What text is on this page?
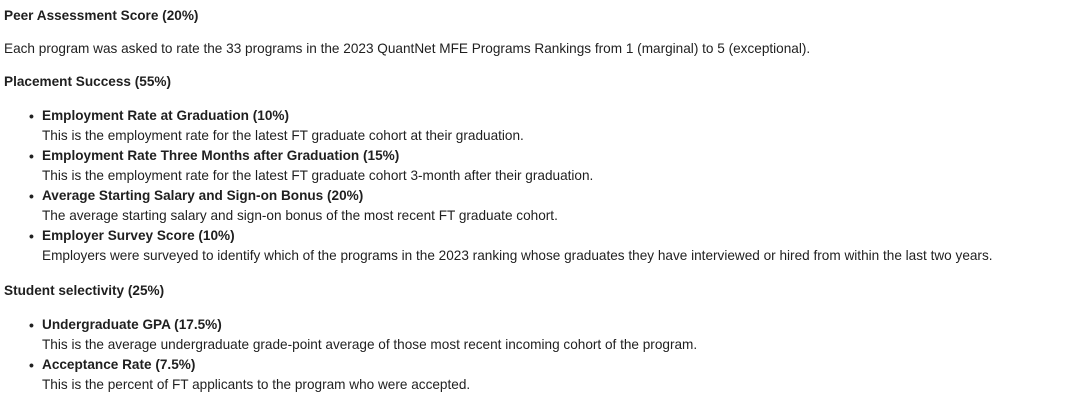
Peer Assessment Score (20%)

Each program was asked to rate the 33 programs in the 2023 QuantNet MFE Programs Rankings from 1 (marginal) to 5 (exceptional).

Placement Success (55%)
• Employment Rate at Graduation (10%)
This is the employment rate for the latest FT graduate cohort at their graduation.
• Employment Rate Three Months after Graduation (15%)
This is the employment rate for the latest FT graduate cohort 3-month after their graduation.
• Average Starting Salary and Sign-on Bonus (20%)
The average starting salary and sign-on bonus of the most recent FT graduate cohort.
• Employer Survey Score (10%)
Employers were surveyed to identify which of the programs in the 2023 ranking whose graduates they have interviewed or hired from within the last two years.
Student selectivity (25%)
• Undergraduate GPA (17.5%)
This is the average undergraduate grade-point average of those most recent incoming cohort of the program.
• Acceptance Rate (7.5%)
This is the percent of FT applicants to the program who were accepted.
